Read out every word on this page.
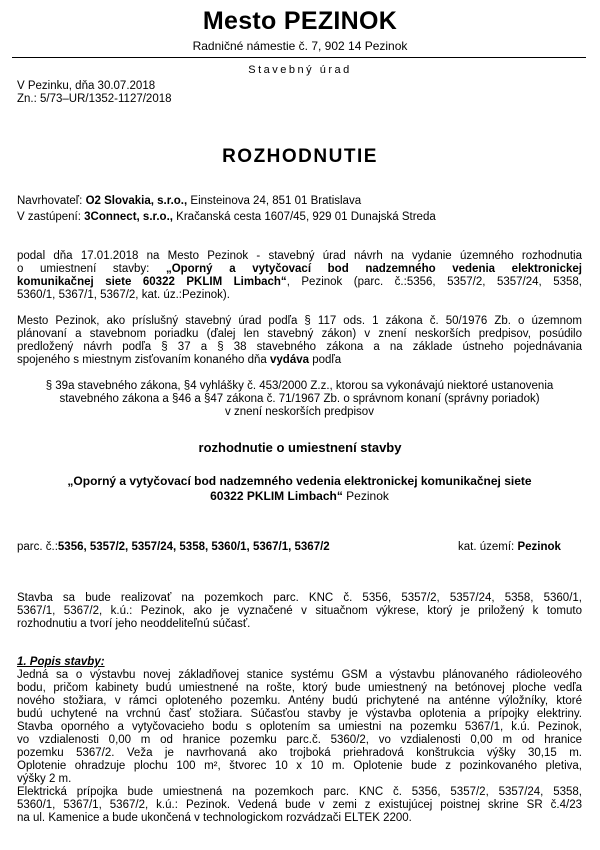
Mesto PEZINOK
Radničné námestie č. 7, 902 14 Pezinok
Stavebný úrad
V Pezinku, dňa 30.07.2018
Zn.: 5/73–UR/1352-1127/2018
ROZHODNUTIE
Navrhovateľ: O2 Slovakia, s.r.o., Einsteinova 24, 851 01 Bratislava
V zastúpení: 3Connect, s.r.o., Kračanská cesta 1607/45, 929 01 Dunajská Streda
podal dňa 17.01.2018 na Mesto Pezinok - stavebný úrad návrh na vydanie územného rozhodnutia
o umiestnení stavby: „Oporný a vytyčovací bod nadzemného vedenia elektronickej
komunikačnej siete 60322 PKLIM Limbach“, Pezinok (parc. č.:5356, 5357/2, 5357/24, 5358,
5360/1, 5367/1, 5367/2, kat. úz.:Pezinok).
Mesto Pezinok, ako príslušný stavebný úrad podľa § 117 ods. 1 zákona č. 50/1976 Zb. o územnom
plánovaní a stavebnom poriadku (ďalej len stavebný zákon) v znení neskorších predpisov, posúdilo
predložený návrh podľa § 37 a § 38 stavebného zákona a na základe ústneho pojednávania
spojeného s miestnym zisťovaním konaného dňa vydáva podľa
§ 39a stavebného zákona, §4 vyhlášky č. 453/2000 Z.z., ktorou sa vykonávajú niektoré ustanovenia
stavebného zákona a §46 a §47 zákona č. 71/1967 Zb. o správnom konaní (správny poriadok)
v znení neskorších predpisov
rozhodnutie o umiestnení stavby
„Oporný a vytyčovací bod nadzemného vedenia elektronickej komunikačnej siete
60322 PKLIM Limbach“ Pezinok
parc. č.:5356, 5357/2, 5357/24, 5358, 5360/1, 5367/1, 5367/2	kat. území: Pezinok
Stavba sa bude realizovať na pozemkoch parc. KNC č. 5356, 5357/2, 5357/24, 5358, 5360/1,
5367/1, 5367/2, k.ú.: Pezinok, ako je vyznačené v situačnom výkrese, ktorý je priložený k tomuto
rozhodnutiu a tvorí jeho neoddeliteľnú súčasť.
1. Popis stavby:
Jedná sa o výstavbu novej základňovej stanice systému GSM a výstavbu plánovaného rádioleového
bodu, pričom kabinety budú umiestnené na rošte, ktorý bude umiestnený na betónovej ploche vedľa
nového stožiara, v rámci oploteného pozemku. Antény budú prichytené na anténne výložníky, ktoré
budú uchytené na vrchnú časť stožiara. Súčasťou stavby je výstavba oplotenia a prípojky elektriny.
Stavba oporného a vytyčovacieho bodu s oplotením sa umiestni na pozemku 5367/1, k.ú. Pezinok,
vo vzdialenosti 0,00 m od hranice pozemku parc.č. 5360/2, vo vzdialenosti 0,00 m od hranice
pozemku 5367/2. Veža je navrhovaná ako trojboká priehradová konštrukcia výšky 30,15 m.
Oplotenie ohradzuje plochu 100 m², štvorec 10 x 10 m. Oplotenie bude z pozinkovaného pletiva,
výšky 2 m.
Elektrická prípojka bude umiestnená na pozemkoch parc. KNC č. 5356, 5357/2, 5357/24, 5358,
5360/1, 5367/1, 5367/2, k.ú.: Pezinok. Vedená bude v zemi z existujúcej poistnej skrine SR č.4/23
na ul. Kamenice a bude ukončená v technologickom rozvádzači ELTEK 2200.
